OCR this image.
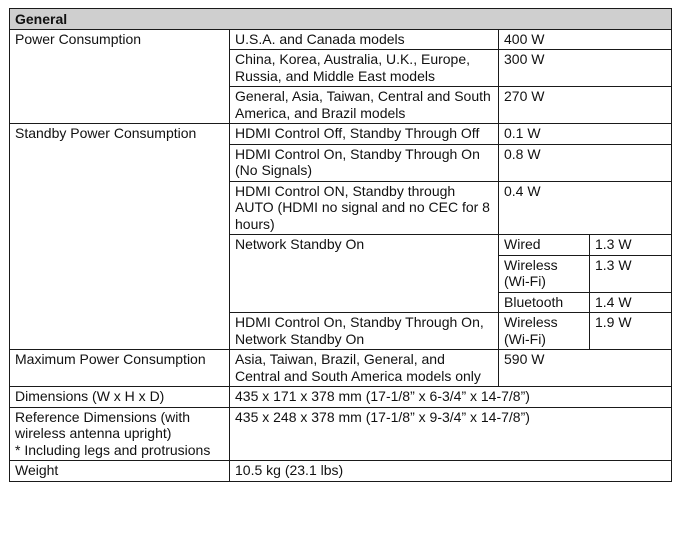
General			
Power Consumption	U.S.A. and Canada models	400 W	
	China, Korea, Australia, U.K., Europe, Russia, and Middle East models	300 W	
	General, Asia, Taiwan, Central and South America, and Brazil models	270 W	
Standby Power Consumption	HDMI Control Off, Standby Through Off	0.1 W	
	HDMI Control On, Standby Through On (No Signals)	0.8 W	
	HDMI Control ON, Standby through AUTO (HDMI no signal and no CEC for 8 hours)	0.4 W	
	Network Standby On	Wired	1.3 W
		Wireless (Wi-Fi)	1.3 W
		Bluetooth	1.4 W
	HDMI Control On, Standby Through On, Network Standby On	Wireless (Wi-Fi)	1.9 W
Maximum Power Consumption	Asia, Taiwan, Brazil, General, and Central and South America models only	590 W	
Dimensions (W x H x D)	435 x 171 x 378 mm (17-1/8” x 6-3/4” x 14-7/8”)		
Reference Dimensions (with wireless antenna upright)
* Including legs and protrusions	435 x 248 x 378 mm (17-1/8” x 9-3/4” x 14-7/8”)		
Weight	10.5 kg (23.1 lbs)		
